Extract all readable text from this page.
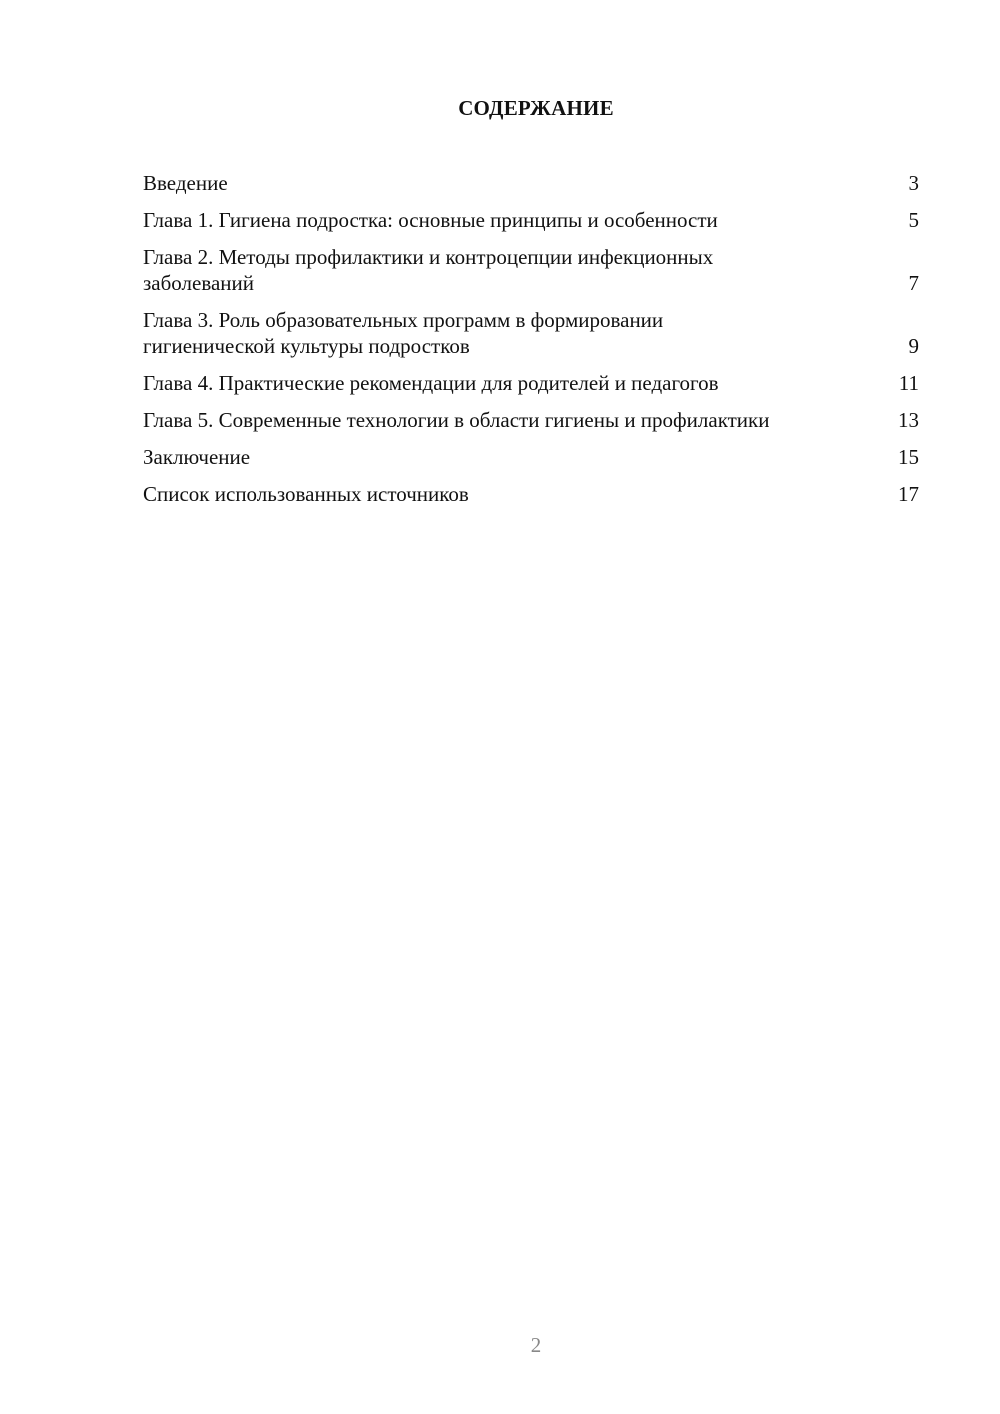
СОДЕРЖАНИЕ
Введение	3
Глава 1. Гигиена подростка: основные принципы и особенности	5
Глава 2. Методы профилактики и контроцепции инфекционных заболеваний	7
Глава 3. Роль образовательных программ в формировании гигиенической культуры подростков	9
Глава 4. Практические рекомендации для родителей и педагогов	11
Глава 5. Современные технологии в области гигиены и профилактики	13
Заключение	15
Список использованных источников	17
2
